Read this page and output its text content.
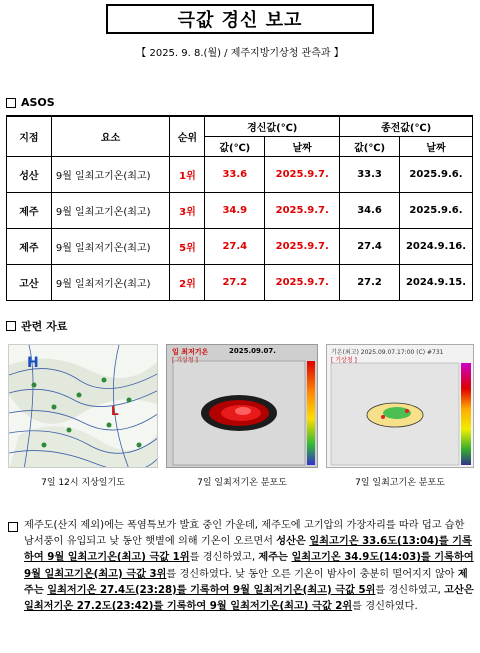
극값 경신 보고
【 2025. 9. 8.(월) / 제주지방기상청 관측과 】
ASOS
지점	요소	순위	경신값(℃)		종전값(℃)	
			값(℃)	날짜	값(℃)	날짜
성산	9월 일최고기온(최고)	1위	33.6	2025.9.7.	33.3	2025.9.6.
제주	9월 일최고기온(최고)	3위	34.9	2025.9.7.	34.6	2025.9.6.
제주	9월 일최저기온(최고)	5위	27.4	2025.9.7.	27.4	2024.9.16.
고산	9월 일최저기온(최고)	2위	27.2	2025.9.7.	27.2	2024.9.15.
관련 자료
H
L
일 최저기온
[ 기상청 ]
2025.09.07.	기온(최고) 2025.09.07.17:00 (C) #731
[ 기상청 ]
7일 12시 지상일기도	7일 일최저기온 분포도	7일 일최고기온 분포도
제주도(산지 제외)에는 폭염특보가 발효 중인 가운데, 제주도에 고기압의 가장자리를 따라 덥고 습한 남서풍이 유입되고 낮 동안 햇볕에 의해 기온이 오르면서 성산은 일최고기온 33.6도(13:04)를 기록하여 9월 일최고기온(최고) 극값 1위를 경신하였고, 제주는 일최고기온 34.9도(14:03)를 기록하여 9월 일최고기온(최고) 극값 3위를 경신하였다. 낮 동안 오른 기온이 밤사이 충분히 떨어지지 않아 제주는 일최저기온 27.4도(23:28)를 기록하여 9월 일최저기온(최고) 극값 5위를 경신하였고, 고산은 일최저기온 27.2도(23:42)를 기록하여 9월 일최저기온(최고) 극값 2위를 경신하였다.
